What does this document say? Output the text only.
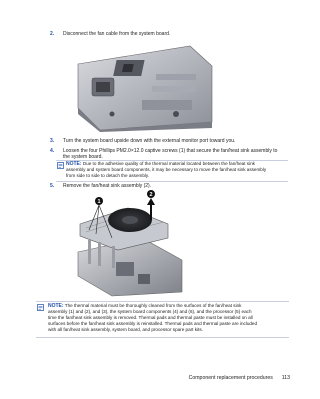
2. Disconnect the fan cable from the system board.
3. Turn the system board upside down with the external monitor port toward you.
4. Loosen the four Phillips PM2.0×12.0 captive screws (1) that secure the fan/heat sink assembly to
the system board.
NOTE: Due to the adhesive quality of the thermal material located between the fan/heat sink
assembly and system board components, it may be necessary to move the fan/heat sink assembly
from side to side to detach the assembly.
5. Remove the fan/heat sink assembly (2).
1
2
NOTE: The thermal material must be thoroughly cleaned from the surfaces of the fan/heat sink
assembly (1) and (2), and (3), the system board components (4) and (6), and the processor (5) each
time the fan/heat sink assembly is removed. Thermal pads and thermal paste must be installed on all
surfaces before the fan/heat sink assembly is reinstalled. Thermal pads and thermal paste are included
with all fan/heat sink assembly, system board, and processor spare part kits.
Component replacement procedures 113
